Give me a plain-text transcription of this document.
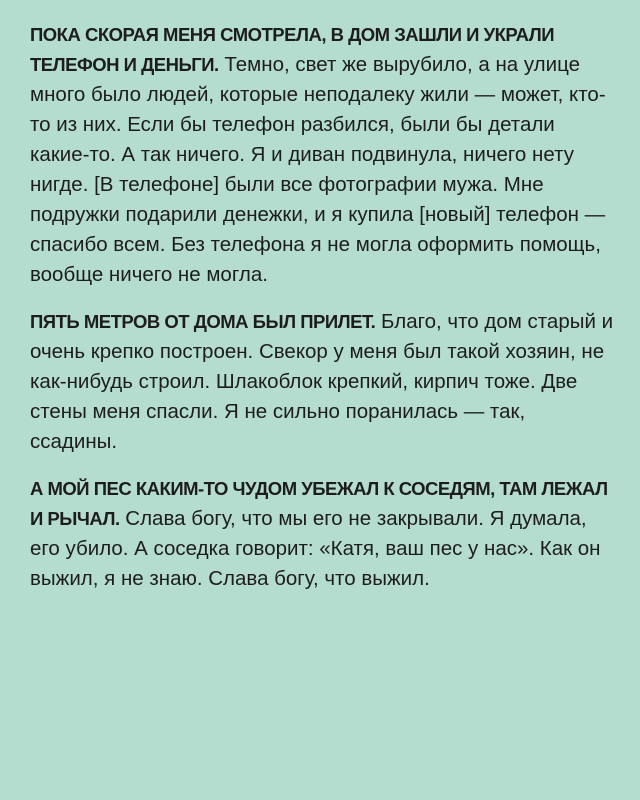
ПОКА СКОРАЯ МЕНЯ СМОТРЕЛА, В ДОМ ЗАШЛИ И УКРАЛИ ТЕЛЕФОН И ДЕНЬГИ. Темно, свет же вырубило, а на улице много было людей, которые неподалеку жили — может, кто-то из них. Если бы телефон разбился, были бы детали какие-то. А так ничего. Я и диван подвинула, ничего нету нигде. [В телефоне] были все фотографии мужа. Мне подружки подарили денежки, и я купила [новый] телефон — спасибо всем. Без телефона я не могла оформить помощь, вообще ничего не могла.

ПЯТЬ МЕТРОВ ОТ ДОМА БЫЛ ПРИЛЕТ. Благо, что дом старый и очень крепко построен. Свекор у меня был такой хозяин, не как-нибудь строил. Шлакоблок крепкий, кирпич тоже. Две стены меня спасли. Я не сильно поранилась — так, ссадины.

А МОЙ ПЕС КАКИМ-ТО ЧУДОМ УБЕЖАЛ К СОСЕДЯМ, ТАМ ЛЕЖАЛ И РЫЧАЛ. Слава богу, что мы его не закрывали. Я думала, его убило. А соседка говорит: «Катя, ваш пес у нас». Как он выжил, я не знаю. Слава богу, что выжил.
